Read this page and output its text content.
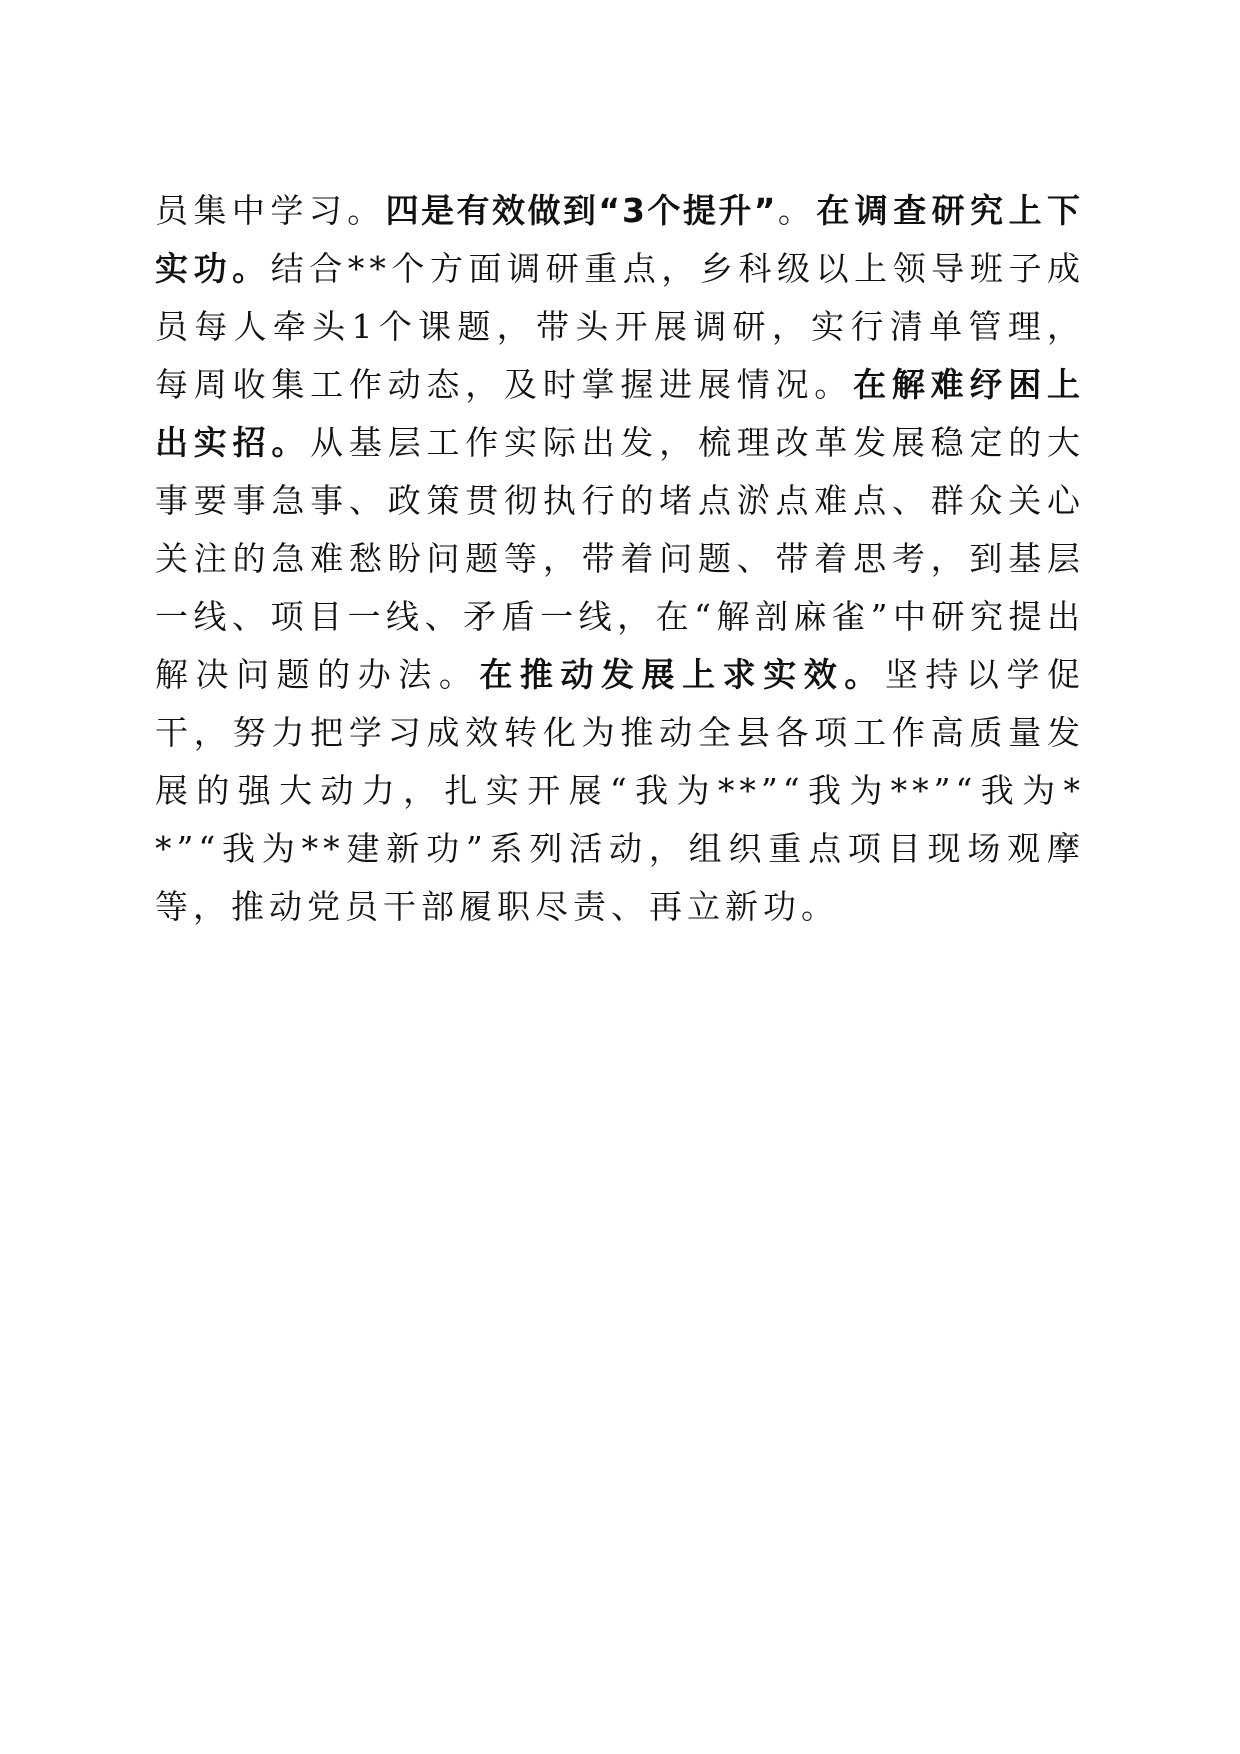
员集中学习。四是有效做到“3个提升”。在调查研究上下实功。结合**个方面调研重点，乡科级以上领导班子成员每人牵头1个课题，带头开展调研，实行清单管理，每周收集工作动态，及时掌握进展情况。在解难纾困上出实招。从基层工作实际出发，梳理改革发展稳定的大事要事急事、政策贯彻执行的堵点淤点难点、群众关心关注的急难愁盼问题等，带着问题、带着思考，到基层一线、项目一线、矛盾一线，在“解剖麻雀”中研究提出解决问题的办法。在推动发展上求实效。坚持以学促干，努力把学习成效转化为推动全县各项工作高质量发展的强大动力，扎实开展“我为**”“我为**”“我为**”“我为**建新功”系列活动，组织重点项目现场观摩等，推动党员干部履职尽责、再立新功。
